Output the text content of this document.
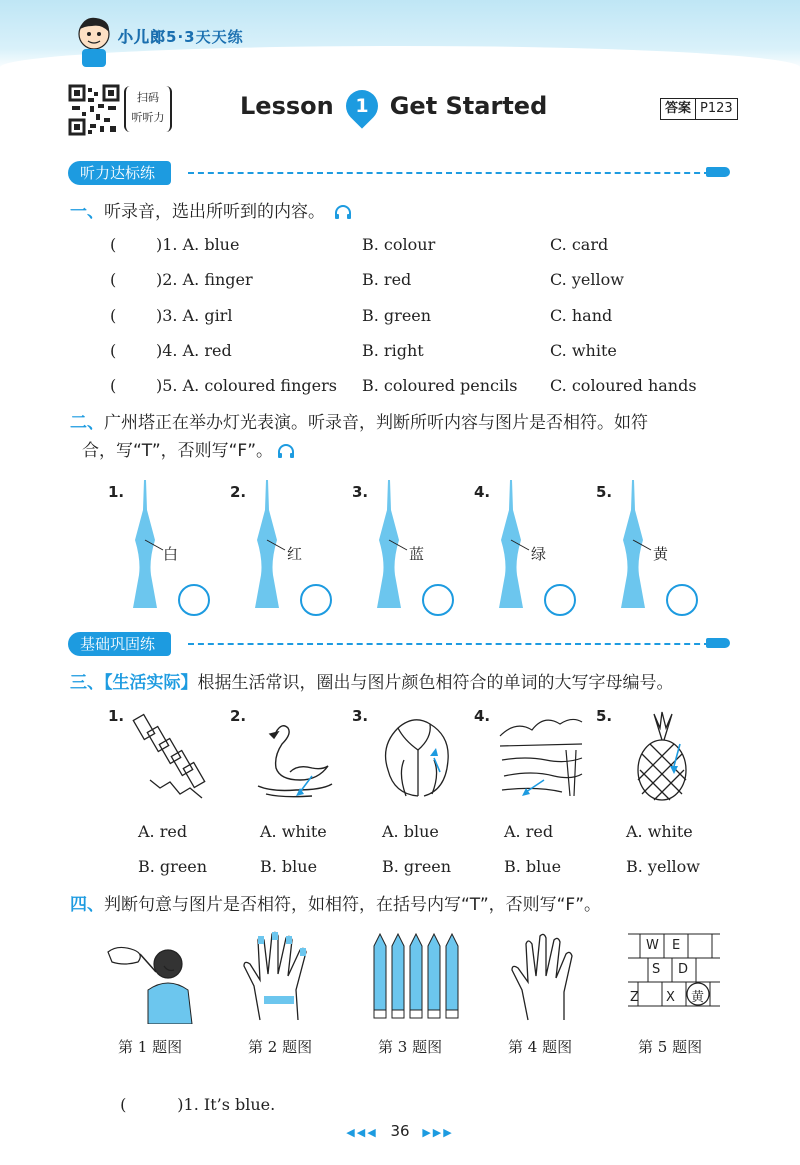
小儿郎5·3天天练
扫码
听听力	Lesson	1 Get Started	答案 P123
听力达标练
一、听录音，选出所听到的内容。
( )1. A. blue	B. colour	C. card
( )2. A. finger	B. red	C. yellow
( )3. A. girl	B. green	C. hand
( )4. A. red	B. right	C. white
( )5. A. coloured fingers B. coloured pencils C. coloured hands
二、广州塔正在举办灯光表演。听录音，判断所听内容与图片是否相符。如符
合，写“T”，否则写“F”。
1.
白
2.
红
3.
蓝
4.
绿
5.
黄
基础巩固练
三、【生活实际】根据生活常识，圈出与图片颜色相符合的单词的大写字母编号。
1.
A. red
B. green
2.
A. white
B. blue
3.
A. blue
B. green
4.
A. red
B. blue
5.
A. white
B. yellow
四、判断句意与图片是否相符，如相符，在括号内写“T”，否则写“F”。
W E
S D
Z X 黄
第 1 题图	第 2 题图	第 3 题图	第 4 题图	第 5 题图

(          )1. It’s blue.

◀◀◀ 36 ▶▶▶
